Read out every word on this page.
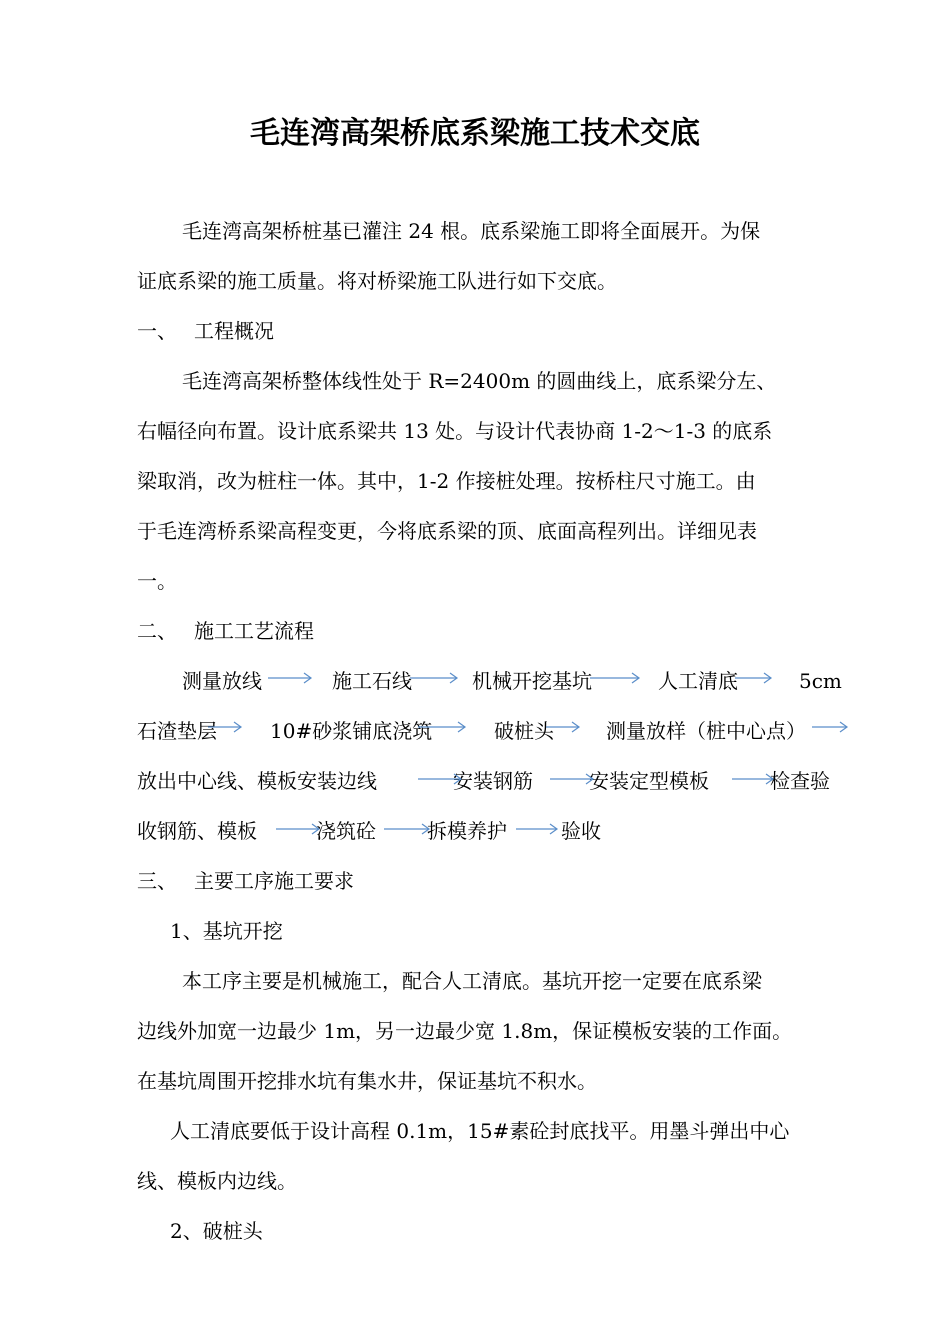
毛连湾高架桥底系梁施工技术交底
毛连湾高架桥桩基已灌注 24 根。底系梁施工即将全面展开。为保
证底系梁的施工质量。将对桥梁施工队进行如下交底。
一、 工程概况
毛连湾高架桥整体线性处于 R=2400m 的圆曲线上，底系梁分左、
右幅径向布置。设计底系梁共 13 处。与设计代表协商 1-2～1-3 的底系
梁取消，改为桩柱一体。其中，1-2 作接桩处理。按桥柱尺寸施工。由
于毛连湾桥系梁高程变更，今将底系梁的顶、底面高程列出。详细见表
一。
二、 施工工艺流程
测量放线	施工石线	机械开挖基坑	人工清底	5cm
石渣垫层	10#砂浆铺底浇筑	破桩头	测量放样（桩中心点）
放出中心线、模板安装边线	安装钢筋	安装定型模板	检查验
收钢筋、模板	浇筑砼	拆模养护	验收
三、 主要工序施工要求
1、基坑开挖
本工序主要是机械施工，配合人工清底。基坑开挖一定要在底系梁
边线外加宽一边最少 1m，另一边最少宽 1.8m，保证模板安装的工作面。
在基坑周围开挖排水坑有集水井，保证基坑不积水。
人工清底要低于设计高程 0.1m，15#素砼封底找平。用墨斗弹出中心
线、模板内边线。
2、破桩头
